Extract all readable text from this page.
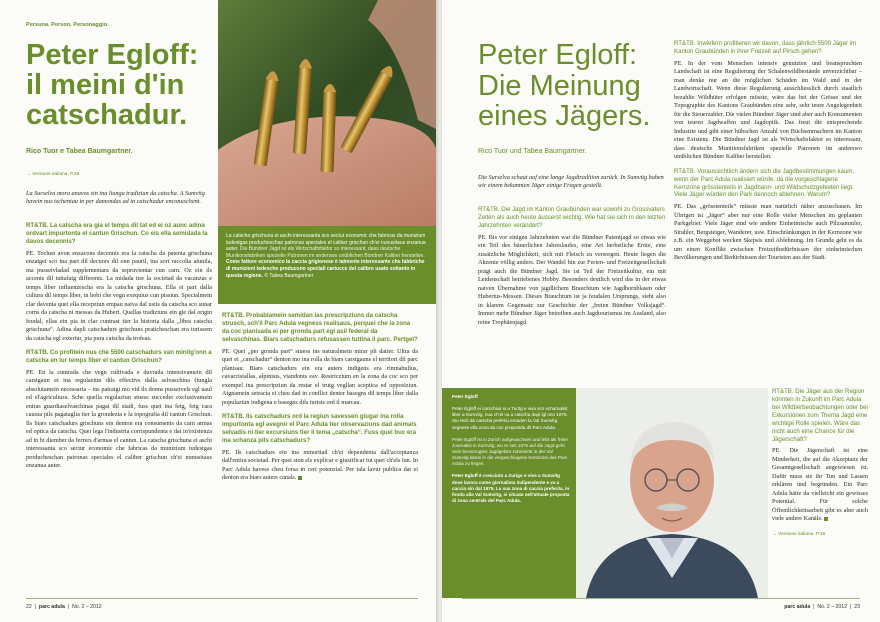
Persuna. Person. Personaggio.
Peter Egloff: il meini d'in catschadur.
Rico Tuor e Tabea Baumgartner.
→ Versiune italiana. P.36
La Surselva mora anavos sin ina liunga tradiziun da catscha. A Sumvitg havein nus tschentau in per damondas ad in catschadur enconuschent.
RT&TB. La catscha era gia el temps dil tat ed ei oz aunc adina ordvart impurtonta el cantun Grischun. Co eis ella semidada la davos decennis?
PE. Tochen avon enzacons decennis era la catscha da patenta grischuna enzatgei sco ina part dil decuors dil onn pauril, ina sort raccolta atunila, ina pusseivladad supplementara da sepruvientar cun carn. Oz ein ils accents dil tuttafatg differents. La midada tier la societad da vacanzas e temps liber influenzescha era la catscha grischuna. Ella ei part dalla cultura dil temps liber, in hobi che vegn exequius cun pissiun. Specialmein clar daventa quei ella recepziun empau naiva dal usits da catscha sco sunar corns da catscha ni messas da Hubert. Quellas tradiziuns ein gie dal origin feudal, ellas ein pia in clar cuntrast tier la historia dalla „libra catscha grischuna“. Adina dapli catschadurs grischuns praticheschan era turissem da catscha egl exteriur, pia pura catscha da trofeas.
RT&TB. Co profitein nus che 5500 catschadurs van minitg'onn a catscha en lur temps liber el cantun Grischun?
PE. En la cuntrada che vegn cultivada e duvrada intensivamein dil carstgaun ei ina regulaziun dils effectivs dalla selvaschina (tungla absolutamein necessaria – ins patratgi mo vid ils donns pusseivels egl uaul ed el'agricultura. Sche quella regulaziun stuess succeder exclusivamein entras guardiaselvaschinas pagai dil stadi, fuss quei ina fetg, fetg cara caussa pils pagataglia tier la grondezia e la topografia dil cantun Grischun. Ils biars catschadurs grischuns ein denton era consuments da carn armas ed optica da catscha. Quei lega l'industria corrispundenta e dat in'existenza ad in bi diember da ferrers d'armas el cantun. La catscha grischuna ei aschi interessanta sco sectur economic che fabricas da munizium tudestgas producheschan patronas speciales el caliber grischun ch'ei nunusitaus enzanua auter.
La catscha grischuna ei aschi interessanta sco sectur economic che fabricas da munizium tudestgas producheschan patronas speciales el caliber grischun ch'ei nunusitaus enzanua auter. Die Bündner Jagd ist als Wirtschaftsfaktor so interessant, dass deutsche Munitionsfabriken spezielle Patronen im anderswo unüblichen Bündner Kaliber herstellen. Come fattore economico la caccia grigionese è talmente interessante che fabbriche di munizioni tedesche producono speciali cartucce del calibro usato soltanto in questa regione. © Tabea Baumgartner
RT&TB. Probablamein semidan las prescripziuns da catscha strusch, sch'il Parc Adula vegness realisaus, perquei che la zona da coc planisada ei per gronda part egl asil federal da selvaschinas. Biars catschadurs refusassen tuttina il parc. Pertgei?
PE. Quei „per gronda part“ stuess ins naturalmein mirar pli datier. Ultra da quei ei „catschadur“ denton mo ina rolla da biars carstgauns el territori dil parc planisau. Biars catschadurs ein era auters indigens era rimnabulius, cavacristallas, alpinists, viandonts eav. Restriczium en la zona da coc sco per exempel ina prescripziun da restar el trutg vegllan sceptica ed opposiziun. Atgnamein setracta ei cheu dad in conflict denter basegns dil temps liber dalla populaziun indigena e basegns dils turists ord il marcau.
RT&TB. Ils catschadurs ord la regiun savessen giugar ina rolla impurtonta egl avegnir el Parc Adula tier observaziuns dad animals selvadis ni tier excursiuns tier il tema „catscha“. Fuss quei buc era ina schanza pils catschadurs?
PE. Ils catschadurs ein ina minoritad ch'ei dependenta dall'acceptanza dall'entira societad. Per quei ston els explicar e giustificar tut quei ch'els fan. In Parc Adula havess cheu forsa in cert potenzial. Per tala lavur publica dat ei denton era biars auters canals.
22  |  parc adula  |  No. 2 – 2012
Peter Egloff: Die Meinung eines Jägers.
Rico Tuor und Tabea Baumgartner.
Die Surselva schaut auf eine lange Jagdtradition zurück. In Sumvitg haben wir einem bekannten Jäger einige Fragen gestellt.
RT&TB. Die Jagd im Kanton Graubünden war sowohl zu Grossvaters Zeiten als auch heute äusserst wichtig. Wie hat sie sich in den letzten Jahrzehnten verändert?
PE. Bis vor einigen Jahrzehnten war die Bündner Patentjagd so etwas wie ein Teil des bäuerlichen Jahreslaufes, eine Art herbstliche Ernte, eine zusätzliche Möglichkeit, sich mit Fleisch zu versorgen. Heute liegen die Akzente völlig anders. Der Wandel hin zur Ferien- und Freizeitgesellschaft prägt auch die Bündner Jagd. Sie ist Teil der Freizeitkultur, ein mit Leidenschaft betriebenes Hobby. Besonders deutlich wird das in der etwas naiven Übernahme von jagdlichem Brauchtum wie Jagdhornblasen oder Hubertus-Messen. Dieses Brauchtum ist ja feudalen Ursprungs, steht also in klarem Gegensatz zur Geschichte der „freien Bündner Volksjagd“. Immer mehr Bündner Jäger betreiben auch Jagdtourismus im Ausland, also reine Trophäenjagd.
RT&TB. Inwiefern profitieren wir davon, dass jährlich 5500 Jäger im Kanton Graubünden in ihrer Freizeit auf Pirsch gehen?
PE. In der vom Menschen intensiv genutzten und beanspruchten Landschaft ist eine Regulierung der Schalenwildbestände unverzichtbar – man denke nur an die möglichen Schäden im Wald und in der Landwirtschaft. Wenn diese Regulierung ausschliesslich durch staatlich bezahlte Wildhüter erfolgen müsste, wäre das bei der Grösse und der Topographie des Kantons Graubünden eine sehr, sehr teure Angelegenheit für die Steuerzahler. Die vielen Bündner Jäger sind aber auch Konsumenten von teuren Jagdwaffen und Jagdoptik. Das freut die entsprechende Industrie und gibt einer hübschen Anzahl von Büchsenmachern im Kanton eine Existenz. Die Bündner Jagd ist als Wirtschaftsfaktor so interessant, dass deutsche Munitionsfabriken spezielle Patronen im anderswo unüblichen Bündner Kaliber herstellen.
RT&TB. Voraussichtlich ändern sich die Jagdbestimmungen kaum, wenn der Parc Adula realisiert würde, da die vorgeschlagene Kernzone grösstenteils in Jagdbann- und Wildschutzgebieten liegt. Viele Jäger würden den Park dennoch ablehnen. Warum?
PE. Das „grösstenteils“ müsste man natürlich näher anzuschauen. Im Übrigen ist „Jäger“ aber nur eine Rolle vieler Menschen im geplanten Parkgebiet. Viele Jäger sind wie andere Einheimische auch Pilzsammler, Strahler, Bergsteiger, Wanderer, usw. Einschränkungen in der Kernzone wie z.B. ein Weggebot wecken Skepsis und Ablehnung. Im Grunde geht es da um einen Konflikt zwischen Freizeitbedürfnissen der einheimischen Bevölkerungen und Bedürfnissen der Touristen aus der Stadt.
Peter Egloff
Peter Egloff ei carschius si a Turitg e viva sco schurnalist liber a Sumvitg, nua ch'el va a catscha dapi igl onn 1975. Siu recit da catscha preferiu entaden la Val Sumvitg vegness ella zona da coc proponida dil Parc Adula.
Peter Egloff ist in Zürich aufgewachsen und lebt als freier Journalist in Sumvitg, wo er seit 1975 auf die Jagd geht. Sein bevorzugtes Jagdgebiet zuhinterst in der Val Sumvitg käme in die vorgeschlagene Kernzone des Parc Adula zu liegen.
Peter Egloff è cresciuto a Zurigo e vive a Sumvitg dove lavora come giornalista indipendente e va a caccia sin dal 1975. La sua zona di caccia preferita, in fondo alla Val Sumvitg, si situata nell'attuale proposta di zona centrale del Parc Adula.
RT&TB. Die Jäger aus der Region könnten in Zukunft im Parc Adula bei Wildtierbeobachtungen oder bei Exkursionen zum Thema Jagd eine wichtige Rolle spielen. Wäre das nicht auch eine Chance für die Jägerschaft?
PE. Die Jägerschaft ist eine Minderheit, die auf die Akzeptanz der Gesamtgesellschaft angewiesen ist. Dafür muss sie ihr Tun und Lassen erklären und begründen. Ein Parc Adula hätte da vielleicht ein gewisses Potential. Für solche Öffentlichkeitsarbeit gibt es aber auch viele andere Kanäle.
→ Versione italiana. P.36
parc adula  |  No. 2 – 2012  |  23
